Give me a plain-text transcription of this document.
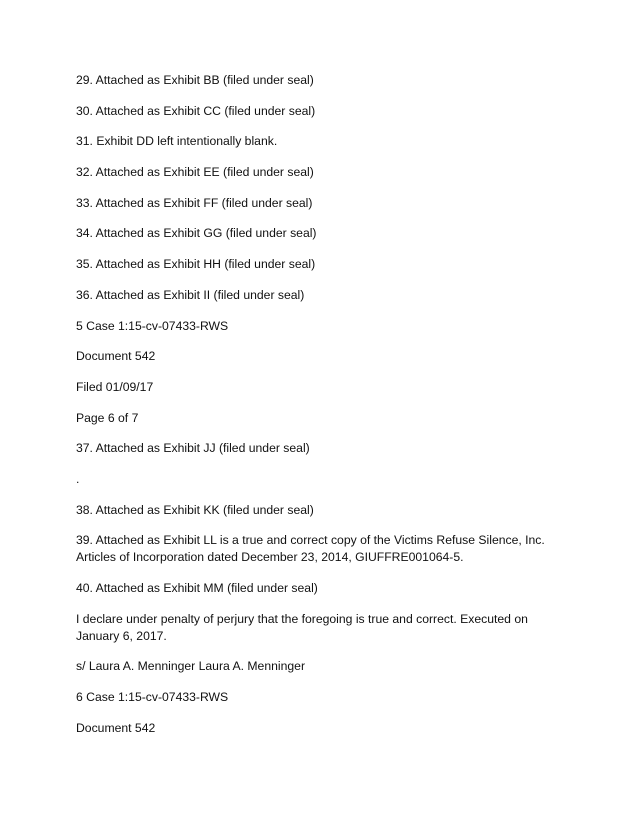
29. Attached as Exhibit BB (filed under seal)

30. Attached as Exhibit CC (filed under seal)

31. Exhibit DD left intentionally blank.

32. Attached as Exhibit EE (filed under seal)

33. Attached as Exhibit FF (filed under seal)

34. Attached as Exhibit GG (filed under seal)

35. Attached as Exhibit HH (filed under seal)

36. Attached as Exhibit II (filed under seal)

5 Case 1:15-cv-07433-RWS

Document 542

Filed 01/09/17

Page 6 of 7

37. Attached as Exhibit JJ (filed under seal)

.

38. Attached as Exhibit KK (filed under seal)

39. Attached as Exhibit LL is a true and correct copy of the Victims Refuse Silence, Inc. Articles of Incorporation dated December 23, 2014, GIUFFRE001064-5.

40. Attached as Exhibit MM (filed under seal)

I declare under penalty of perjury that the foregoing is true and correct. Executed on January 6, 2017.

s/ Laura A. Menninger Laura A. Menninger

6 Case 1:15-cv-07433-RWS

Document 542
